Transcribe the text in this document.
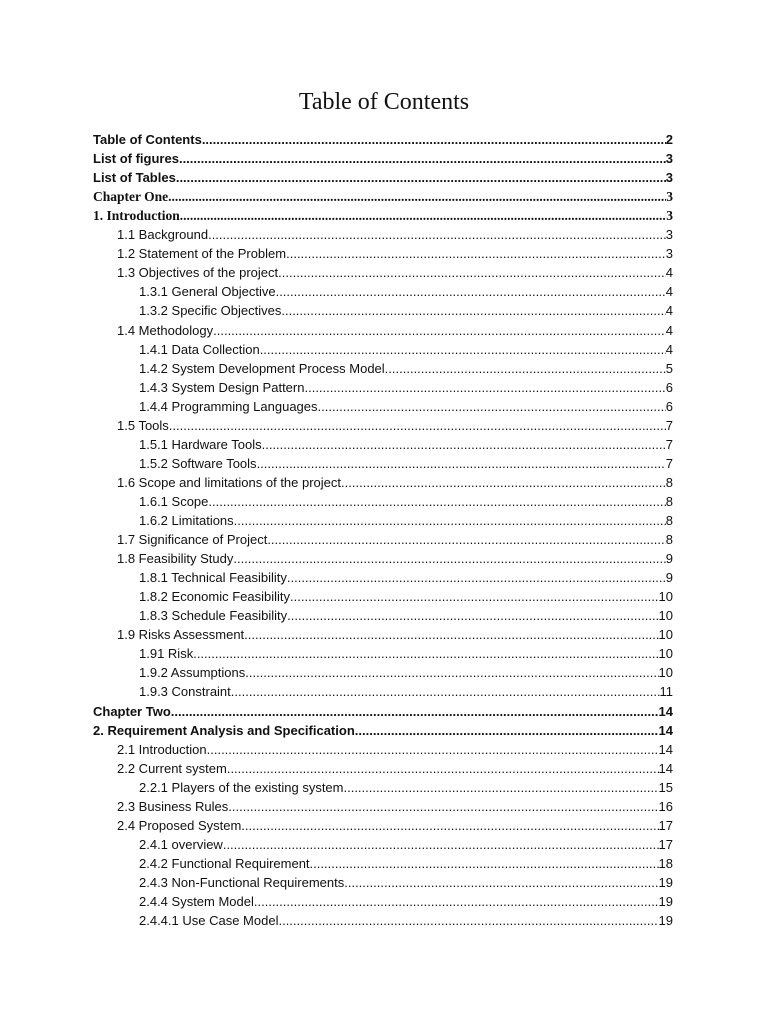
Table of Contents
Table of Contents .....	2
List of figures .....	3
List of Tables .....	3
Chapter One .....	3
1. Introduction .....	3
1.1 Background .....	3
1.2 Statement of the Problem .....	3
1.3 Objectives of the project .....	4
1.3.1 General Objective .....	4
1.3.2 Specific Objectives .....	4
1.4 Methodology .....	4
1.4.1 Data Collection .....	4
1.4.2 System Development Process Model .....	5
1.4.3 System Design Pattern .....	6
1.4.4 Programming Languages .....	6
1.5 Tools .....	7
1.5.1 Hardware Tools .....	7
1.5.2 Software Tools .....	7
1.6 Scope and limitations of the project .....	8
1.6.1 Scope .....	8
1.6.2 Limitations .....	8
1.7 Significance of Project .....	8
1.8 Feasibility Study .....	9
1.8.1 Technical Feasibility .....	9
1.8.2 Economic Feasibility .....	10
1.8.3 Schedule Feasibility .....	10
1.9 Risks Assessment .....	10
1.91 Risk .....	10
1.9.2 Assumptions .....	10
1.9.3 Constraint .....	11
Chapter Two .....	14
2. Requirement Analysis and Specification .....	14
2.1 Introduction .....	14
2.2 Current system .....	14
2.2.1 Players of the existing system .....	15
2.3 Business Rules .....	16
2.4 Proposed System .....	17
2.4.1 overview .....	17
2.4.2 Functional Requirement .....	18
2.4.3 Non-Functional Requirements .....	19
2.4.4 System Model .....	19
2.4.4.1 Use Case Model .....	19
